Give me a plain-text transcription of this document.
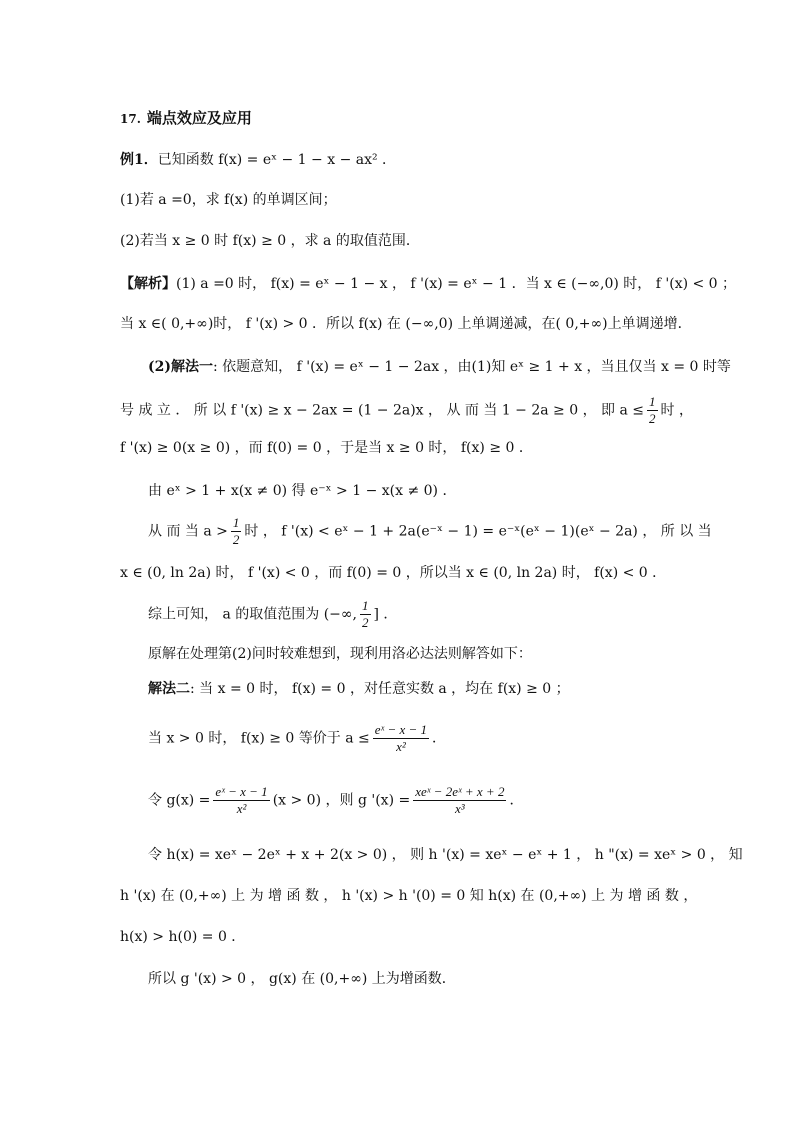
17. 端点效应及应用
例1．已知函数 f(x) = eˣ − 1 − x − ax² ．
(1)若 a =0，求 f(x) 的单调区间；
(2)若当 x ≥ 0 时 f(x) ≥ 0 ，求 a 的取值范围．
【解析】(1) a =0 时， f(x) = eˣ − 1 − x ， f '(x) = eˣ − 1 ．当 x ∈ (−∞,0) 时， f '(x) < 0 ；
当 x ∈( 0,+∞)时， f '(x) > 0 ．所以 f(x) 在 (−∞,0) 上单调递减，在( 0,+∞)上单调递增．
(2)解法一: 依题意知， f '(x) = eˣ − 1 − 2ax ，由(1)知 eˣ ≥ 1 + x ，当且仅当 x = 0 时等
号 成 立 ． 所 以 f '(x) ≥ x − 2ax = (1 − 2a)x ， 从 而 当 1 − 2a ≥ 0 ， 即 $a \le \frac{1}{2}$ 时 ，
f '(x) ≥ 0(x ≥ 0) ，而 f(0) = 0 ，于是当 x ≥ 0 时， f(x) ≥ 0 ．
由 eˣ > 1 + x(x ≠ 0) 得 e⁻ˣ > 1 − x(x ≠ 0) ．
从 而 当 $a > \frac{1}{2}$ 时 ， f '(x) < eˣ − 1 + 2a(e⁻ˣ − 1) = e⁻ˣ(eˣ − 1)(eˣ − 2a) ， 所 以 当
x ∈ (0, ln 2a) 时， f '(x) < 0 ，而 f(0) = 0 ，所以当 x ∈ (0, ln 2a) 时， f(x) < 0 ．
综上可知， a 的取值范围为 (−∞, $\frac{1}{2}$ ] ．
原解在处理第(2)问时较难想到，现利用洛必达法则解答如下：
解法二: 当 x = 0 时， f(x) = 0 ，对任意实数 a ，均在 f(x) ≥ 0 ；
当 x > 0 时， f(x) ≥ 0 等价于 $a \le \frac{\text{eˣ − x − 1}}{\text{x²}}$ ．
令 $g(x) = \frac{\text{eˣ − x − 1}}{\text{x²}} (x > 0)$ ，则 g '$(x) = \frac{\text{xeˣ − 2eˣ + x + 2}}{\text{x³}}$ ．
令 h(x) = xeˣ − 2eˣ + x + 2(x > 0) ， 则 h '(x) = xeˣ − eˣ + 1 ， h "(x) = xeˣ > 0 ， 知
h '(x) 在 (0,+∞) 上 为 增 函 数 ， h '(x) > h '(0) = 0 知 h(x) 在 (0,+∞) 上 为 增 函 数 ，
h(x) > h(0) = 0 ．
所以 g '(x) > 0 ， g(x) 在 (0,+∞) 上为增函数．
